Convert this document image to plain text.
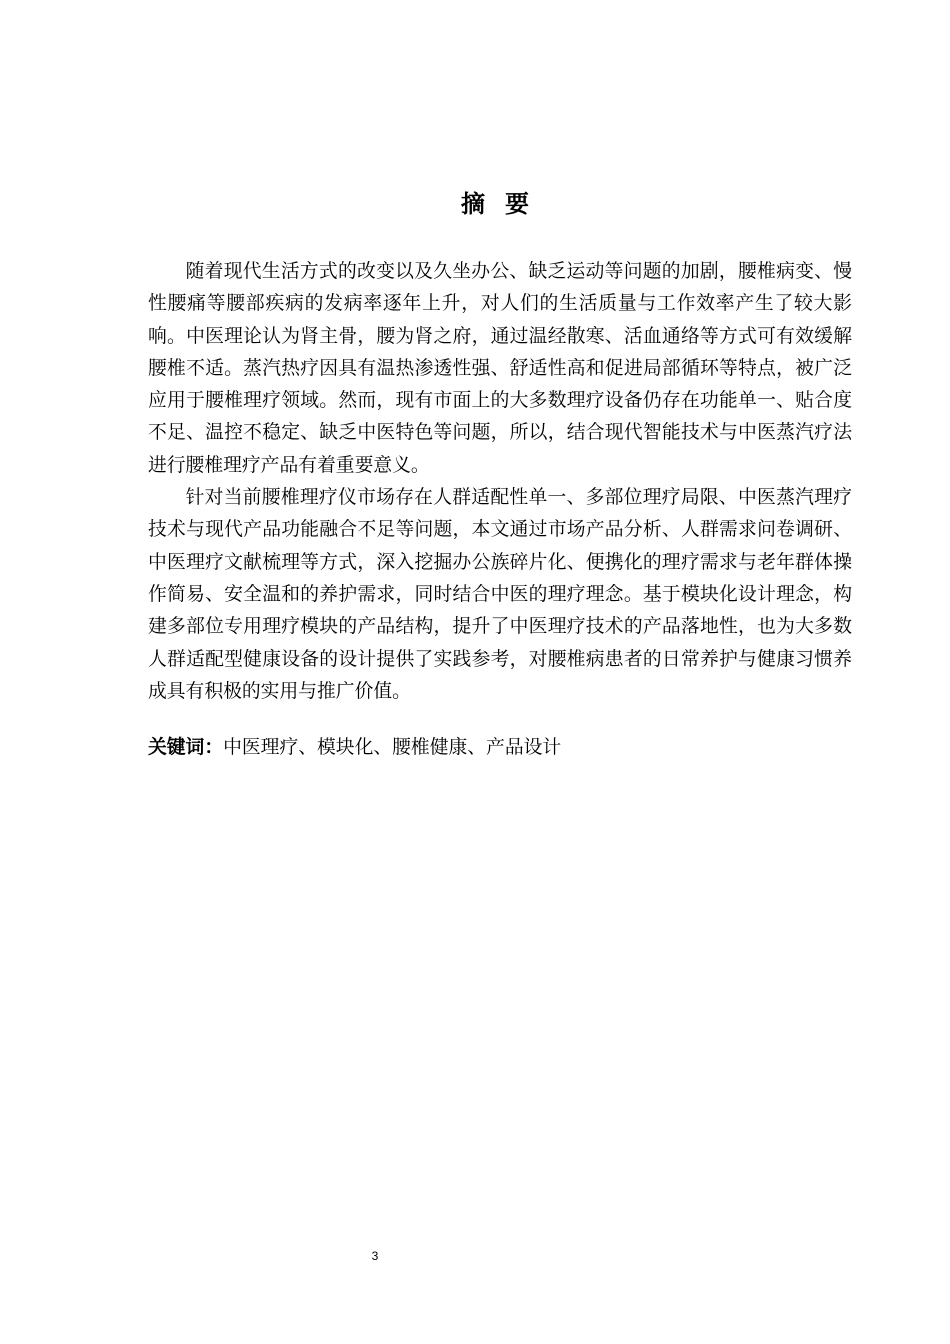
摘要

随着现代生活方式的改变以及久坐办公、缺乏运动等问题的加剧，腰椎病变、慢性腰痛等腰部疾病的发病率逐年上升，对人们的生活质量与工作效率产生了较大影响。中医理论认为肾主骨，腰为肾之府，通过温经散寒、活血通络等方式可有效缓解腰椎不适。蒸汽热疗因具有温热渗透性强、舒适性高和促进局部循环等特点，被广泛应用于腰椎理疗领域。然而，现有市面上的大多数理疗设备仍存在功能单一、贴合度不足、温控不稳定、缺乏中医特色等问题，所以，结合现代智能技术与中医蒸汽疗法进行腰椎理疗产品有着重要意义。

针对当前腰椎理疗仪市场存在人群适配性单一、多部位理疗局限、中医蒸汽理疗技术与现代产品功能融合不足等问题，本文通过市场产品分析、人群需求问卷调研、中医理疗文献梳理等方式，深入挖掘办公族碎片化、便携化的理疗需求与老年群体操作简易、安全温和的养护需求，同时结合中医的理疗理念。基于模块化设计理念，构建多部位专用理疗模块的产品结构，提升了中医理疗技术的产品落地性，也为大多数人群适配型健康设备的设计提供了实践参考，对腰椎病患者的日常养护与健康习惯养成具有积极的实用与推广价值。

关键词：中医理疗、模块化、腰椎健康、产品设计
3
